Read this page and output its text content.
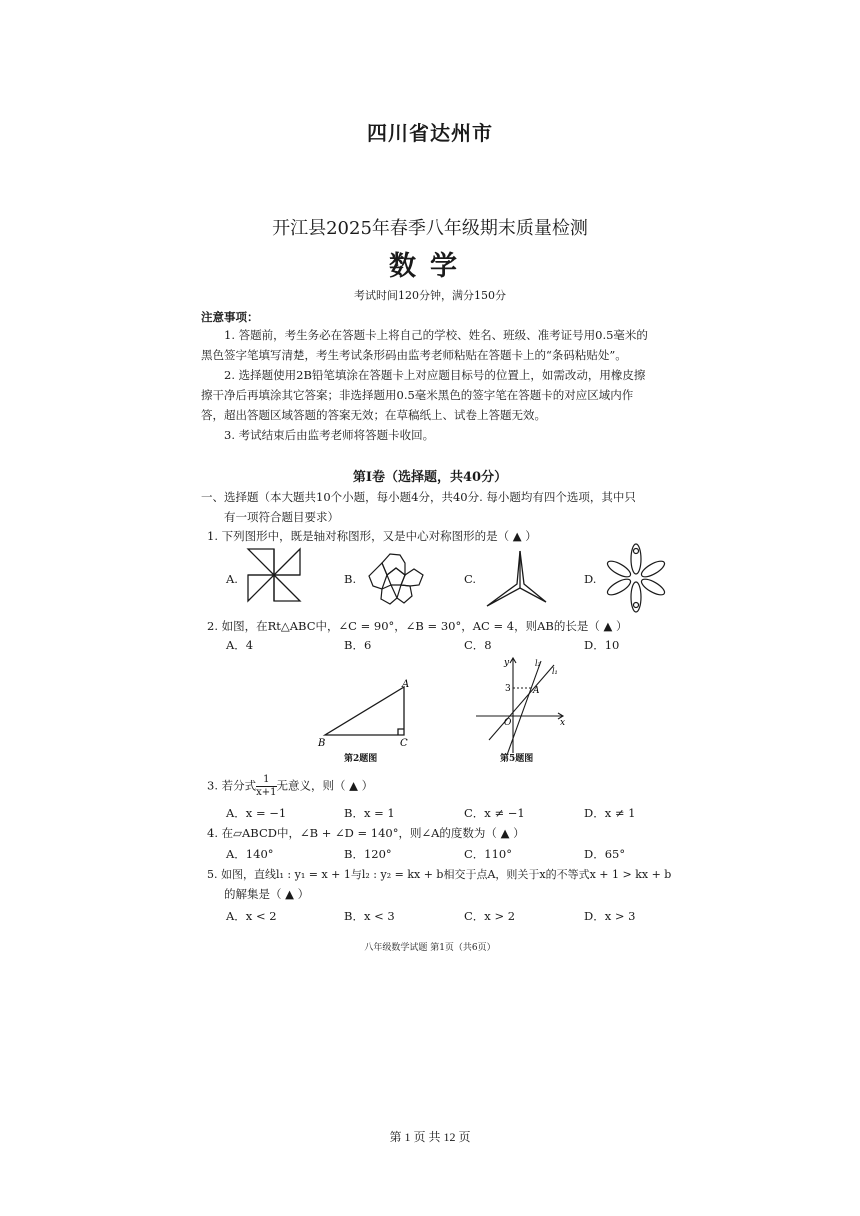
四川省达州市
开江县2025年春季八年级期末质量检测
数学
考试时间120分钟，满分150分
注意事项：
1. 答题前，考生务必在答题卡上将自己的学校、姓名、班级、准考证号用0.5毫米的
黑色签字笔填写清楚，考生考试条形码由监考老师粘贴在答题卡上的“条码粘贴处”。
2. 选择题使用2B铅笔填涂在答题卡上对应题目标号的位置上，如需改动，用橡皮擦
擦干净后再填涂其它答案；非选择题用0.5毫米黑色的签字笔在答题卡的对应区域内作
答，超出答题区域答题的答案无效；在草稿纸上、试卷上答题无效。
3. 考试结束后由监考老师将答题卡收回。
第Ⅰ卷（选择题，共40分）
一、选择题（本大题共10个小题，每小题4分，共40分. 每小题均有四个选项，其中只
有一项符合题目要求）
1. 下列图形中，既是轴对称图形，又是中心对称图形的是（ ▲ ）
A.	B.	C.	D.
2. 如图，在Rt△ABC中，∠C = 90°，∠B = 30°，AC = 4，则AB的长是（ ▲ ）
A．4	B．6	C．8	D．10
A
B	C
第2题图
y
x
O
A
3
l₁
l₂
第5题图
3. 若分式 $\frac{1}{x+1}$ 无意义，则（ ▲ ）
A．x = −1	B．x = 1	C．x ≠ −1	D．x ≠ 1
4. 在▱ABCD中，∠B + ∠D = 140°，则∠A的度数为（ ▲ ）
A．140°	B．120°	C．110°	D．65°
5. 如图，直线l₁ : y₁ = x + 1与l₂ : y₂ = kx + b相交于点A，则关于x的不等式x + 1 > kx + b
的解集是（ ▲ ）
A．x < 2	B．x < 3	C．x > 2	D．x > 3
八年级数学试题 第1页（共6页）
第 1 页 共 12 页
